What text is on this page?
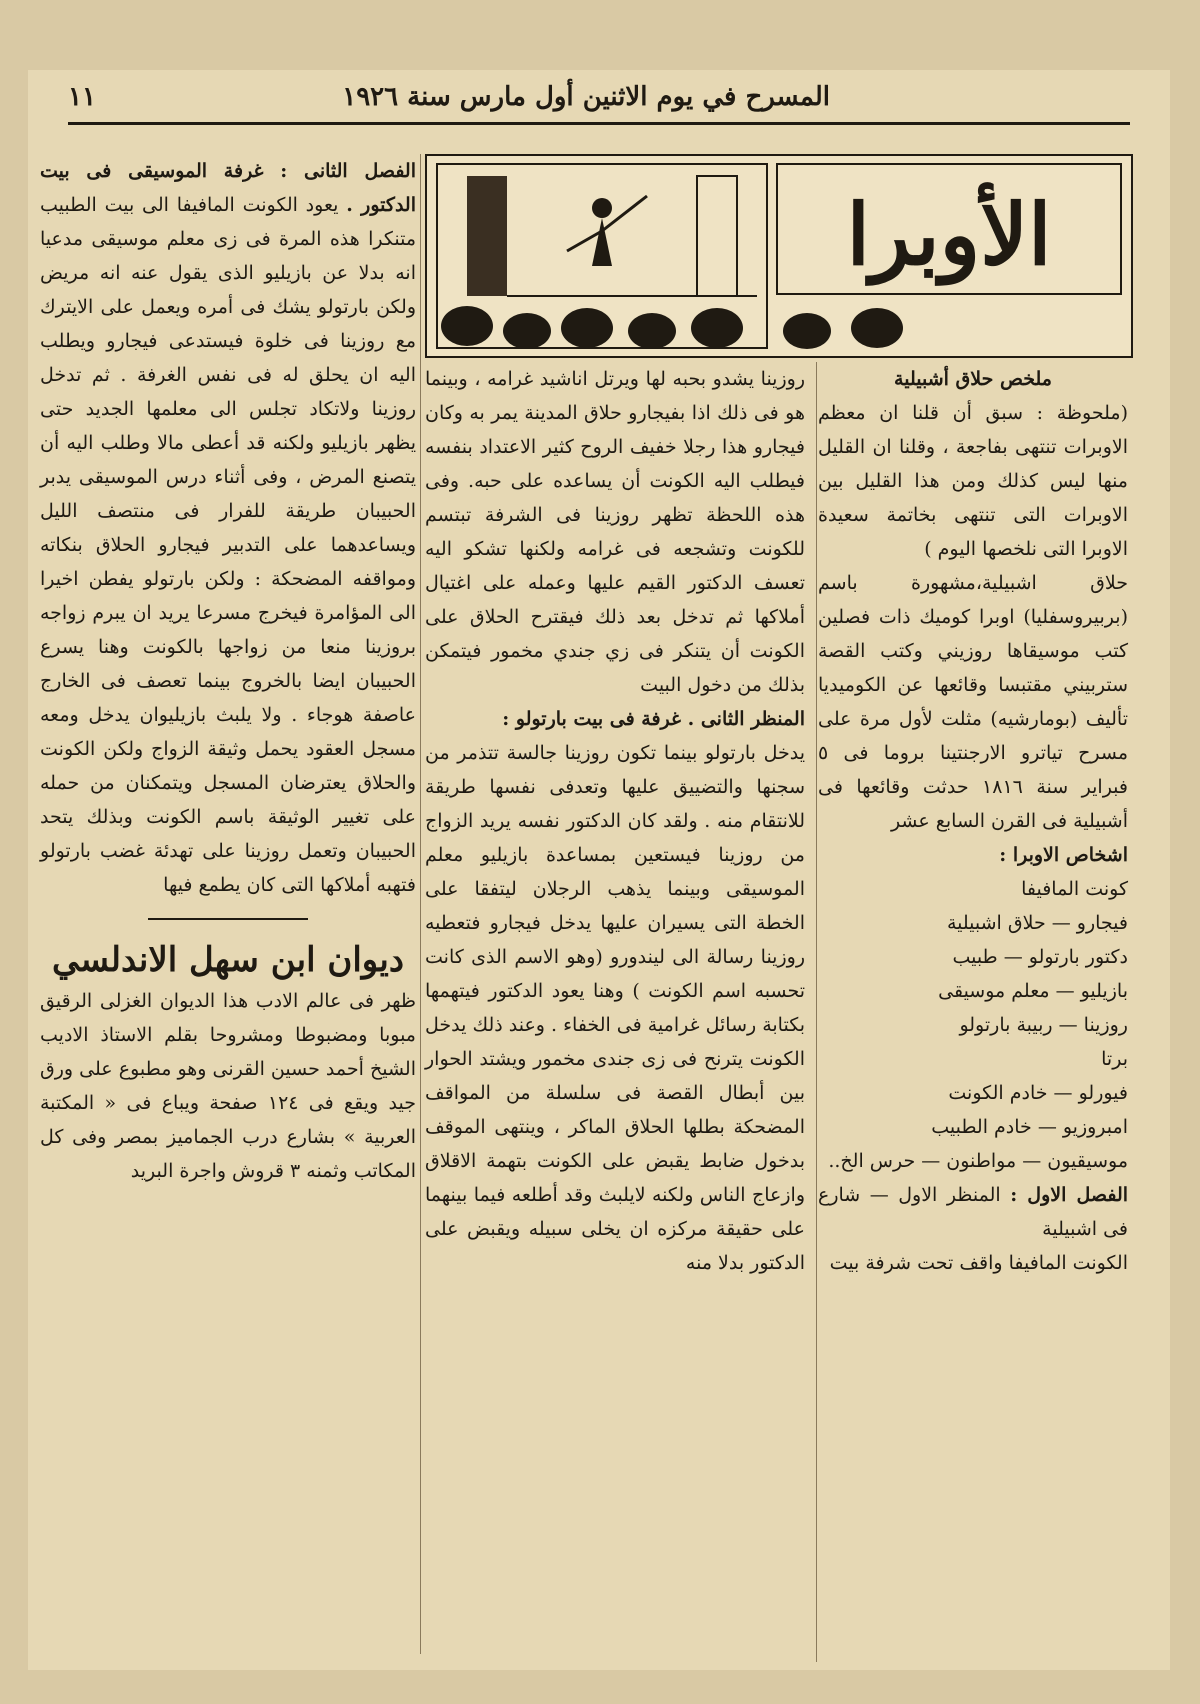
المسرح في يوم الاثنين أول مارس سنة ١٩٢٦
١١
الأوبرا

ملخص حلاق أشبيلية

(ملحوظة : سبق أن قلنا ان معظم الاوبرات تنتهى بفاجعة ، وقلنا ان القليل منها ليس كذلك ومن هذا القليل بين الاوبرات التى تنتهى بخاتمة سعيدة الاوبرا التى نلخصها اليوم )

حلاق اشبيلية،مشهورة باسم (بربيروسفليا) اوبرا كوميك ذات فصلين كتب موسيقاها روزيني وكتب القصة ستربيني مقتبسا وقائعها عن الكوميديا تأليف (بومارشيه) مثلت لأول مرة على مسرح تياترو الارجنتينا بروما فى ٥ فبراير سنة ١٨١٦ حدثت وقائعها فى أشبيلية فى القرن السابع عشر

اشخاص الاوبرا :

كونت المافيفا

فيجارو — حلاق اشبيلية

دكتور بارتولو — طبيب

بازيليو — معلم موسيقى

روزينا — ربيبة بارتولو

برتا

فيورلو — خادم الكونت

امبروزيو — خادم الطبيب

موسيقيون — مواطنون — حرس الخ..

الفصل الاول : المنظر الاول — شارع فى اشبيلية

الكونت المافيفا واقف تحت شرفة بيت

روزينا يشدو بحبه لها ويرتل اناشيد غرامه ، وبينما هو فى ذلك اذا بفيجارو حلاق المدينة يمر به وكان فيجارو هذا رجلا خفيف الروح كثير الاعتداد بنفسه فيطلب اليه الكونت أن يساعده على حبه. وفى هذه اللحظة تظهر روزينا فى الشرفة تبتسم للكونت وتشجعه فى غرامه ولكنها تشكو اليه تعسف الدكتور القيم عليها وعمله على اغتيال أملاكها ثم تدخل بعد ذلك فيقترح الحلاق على الكونت أن يتنكر فى زي جندي مخمور فيتمكن بذلك من دخول البيت

المنظر الثانى . غرفة فى بيت بارتولو :

يدخل بارتولو بينما تكون روزينا جالسة تتذمر من سجنها والتضييق عليها وتعدفى نفسها طريقة للانتقام منه . ولقد كان الدكتور نفسه يريد الزواج من روزينا فيستعين بمساعدة بازيليو معلم الموسيقى وبينما يذهب الرجلان ليتفقا على الخطة التى يسيران عليها يدخل فيجارو فتعطيه روزينا رسالة الى ليندورو (وهو الاسم الذى كانت تحسبه اسم الكونت ) وهنا يعود الدكتور فيتهمها بكتابة رسائل غرامية فى الخفاء . وعند ذلك يدخل الكونت يترنح فى زى جندى مخمور ويشتد الحوار بين أبطال القصة فى سلسلة من المواقف المضحكة بطلها الحلاق الماكر ، وينتهى الموقف بدخول ضابط يقبض على الكونت بتهمة الاقلاق وازعاج الناس ولكنه لايلبث وقد أطلعه فيما بينهما على حقيقة مركزه ان يخلى سبيله ويقبض على الدكتور بدلا منه

الفصل الثانى : غرفة الموسيقى فى بيت الدكتور . يعود الكونت المافيفا الى بيت الطبيب متنكرا هذه المرة فى زى معلم موسيقى مدعيا انه بدلا عن بازيليو الذى يقول عنه انه مريض ولكن بارتولو يشك فى أمره ويعمل على الايترك مع روزينا فى خلوة فيستدعى فيجارو ويطلب اليه ان يحلق له فى نفس الغرفة . ثم تدخل روزينا ولاتكاد تجلس الى معلمها الجديد حتى يظهر بازيليو ولكنه قد أعطى مالا وطلب اليه أن يتصنع المرض ، وفى أثناء درس الموسيقى يدبر الحبيبان طريقة للفرار فى منتصف الليل ويساعدهما على التدبير فيجارو الحلاق بنكاته ومواقفه المضحكة : ولكن بارتولو يفطن اخيرا الى المؤامرة فيخرج مسرعا يريد ان يبرم زواجه بروزينا منعا من زواجها بالكونت وهنا يسرع الحبيبان ايضا بالخروج بينما تعصف فى الخارج عاصفة هوجاء . ولا يلبث بازيليوان يدخل ومعه مسجل العقود يحمل وثيقة الزواج ولكن الكونت والحلاق يعترضان المسجل ويتمكنان من حمله على تغيير الوثيقة باسم الكونت وبذلك يتحد الحبيبان وتعمل روزينا على تهدئة غضب بارتولو فتهبه أملاكها التى كان يطمع فيها

ديوان ابن سهل الاندلسي

ظهر فى عالم الادب هذا الديوان الغزلى الرقيق مبوبا ومضبوطا ومشروحا بقلم الاستاذ الاديب الشيخ أحمد حسين القرنى وهو مطبوع على ورق جيد ويقع فى ١٢٤ صفحة ويباع فى « المكتبة العربية » بشارع درب الجماميز بمصر وفى كل المكاتب وثمنه ٣ قروش واجرة البريد
